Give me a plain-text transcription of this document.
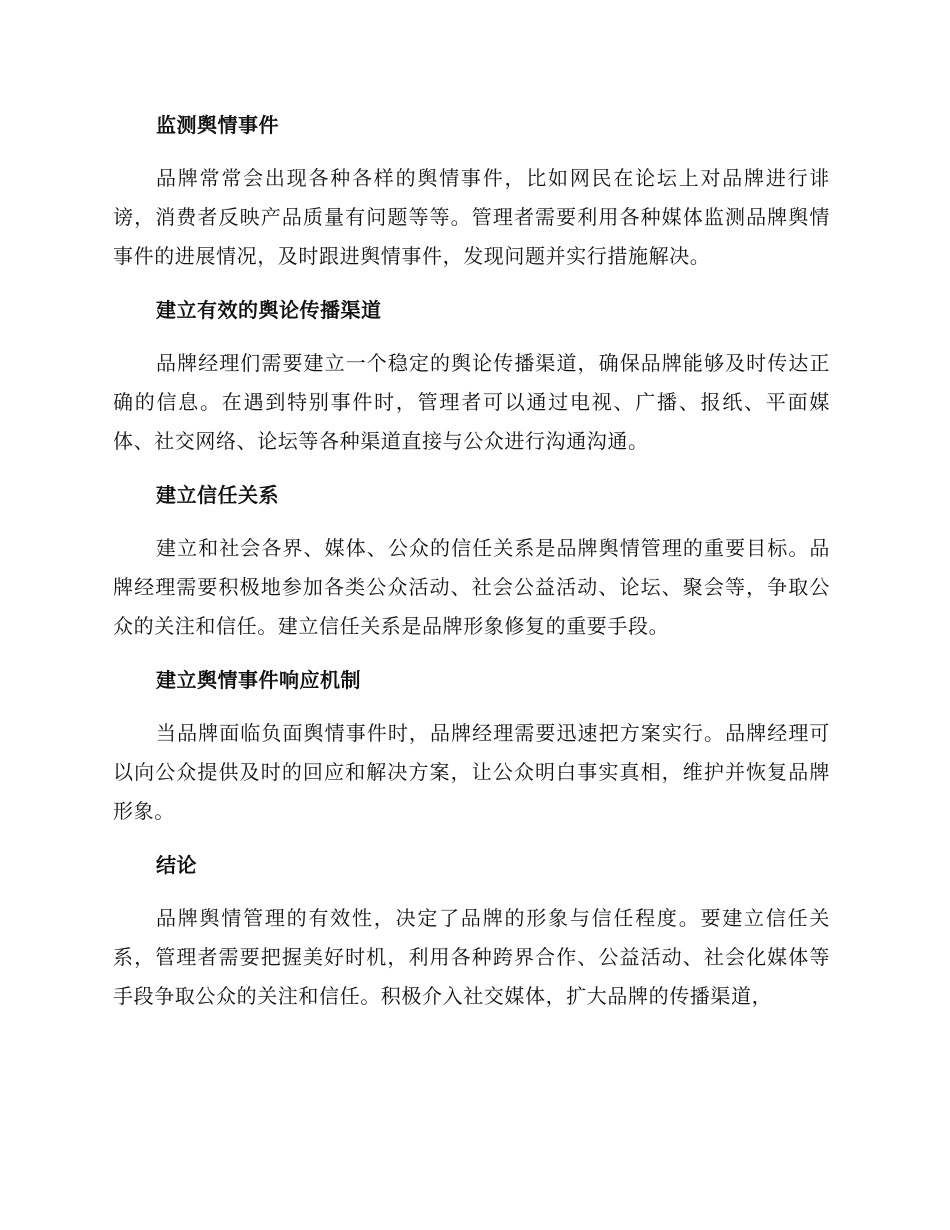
监测舆情事件

品牌常常会出现各种各样的舆情事件，比如网民在论坛上对品牌进行诽谤，消费者反映产品质量有问题等等。管理者需要利用各种媒体监测品牌舆情事件的进展情况，及时跟进舆情事件，发现问题并实行措施解决。

建立有效的舆论传播渠道

品牌经理们需要建立一个稳定的舆论传播渠道，确保品牌能够及时传达正确的信息。在遇到特别事件时，管理者可以通过电视、广播、报纸、平面媒体、社交网络、论坛等各种渠道直接与公众进行沟通沟通。

建立信任关系

建立和社会各界、媒体、公众的信任关系是品牌舆情管理的重要目标。品牌经理需要积极地参加各类公众活动、社会公益活动、论坛、聚会等，争取公众的关注和信任。建立信任关系是品牌形象修复的重要手段。

建立舆情事件响应机制

当品牌面临负面舆情事件时，品牌经理需要迅速把方案实行。品牌经理可以向公众提供及时的回应和解决方案，让公众明白事实真相，维护并恢复品牌形象。

结论

品牌舆情管理的有效性，决定了品牌的形象与信任程度。要建立信任关系，管理者需要把握美好时机，利用各种跨界合作、公益活动、社会化媒体等手段争取公众的关注和信任。积极介入社交媒体，扩大品牌的传播渠道，
